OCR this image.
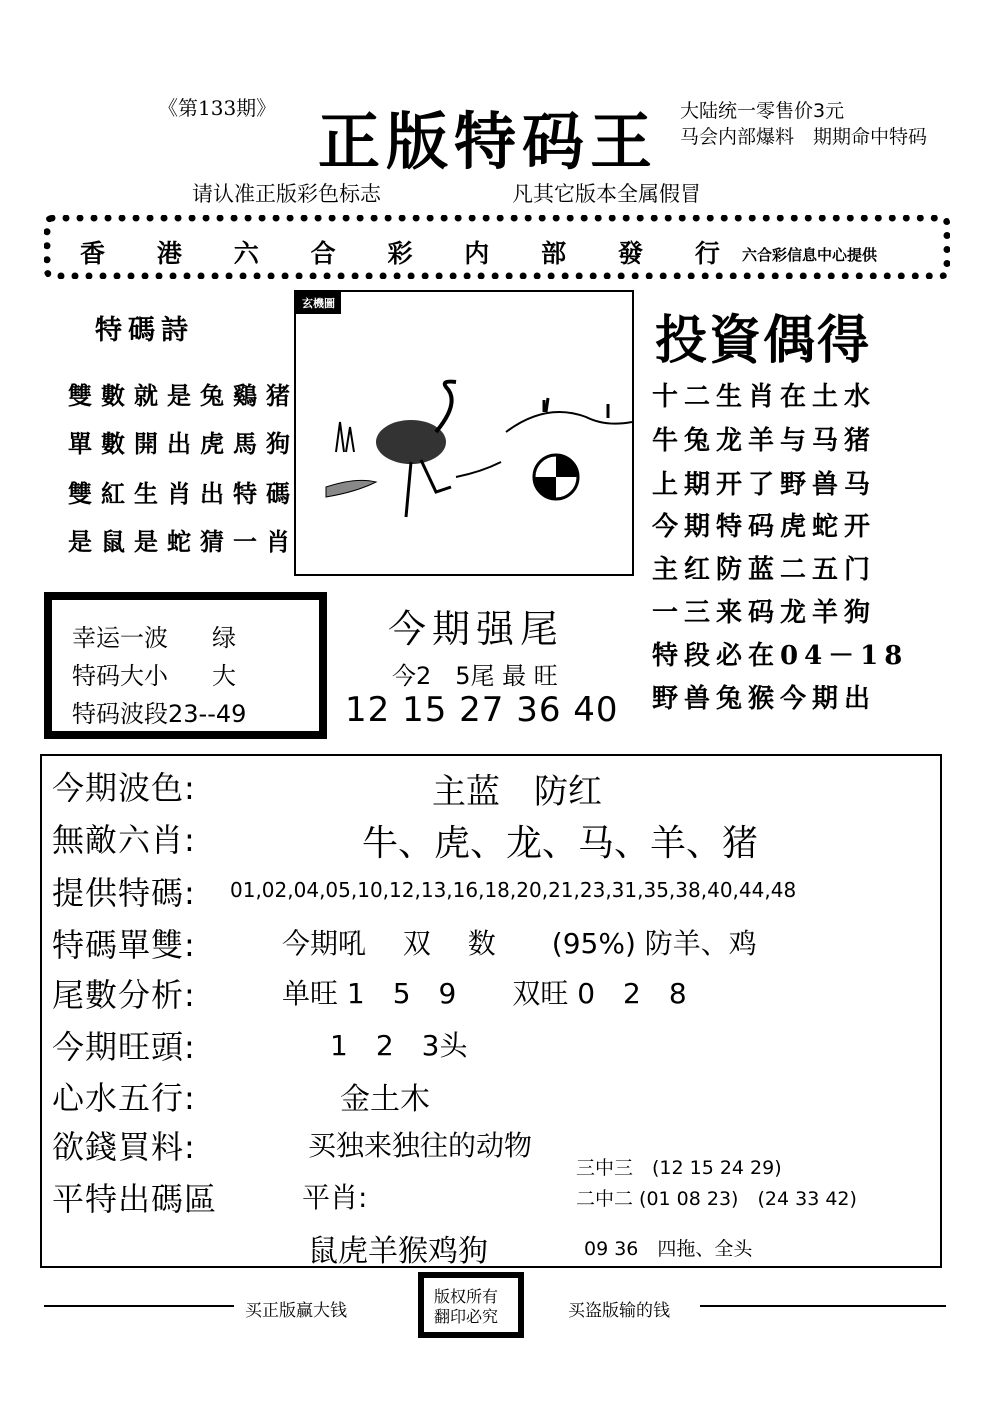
《第133期》 正版特码王 大陆统一零售价3元
马会内部爆料　期期命中特码
请认准正版彩色标志	凡其它版本全属假冒
香 港 六 合 彩 内 部 發 行 六合彩信息中心提供
特碼詩
雙數就是兔鷄猪
單數開出虎馬狗
雙紅生肖出特碼
是鼠是蛇猜一肖
玄機圖
投資偶得
十二生肖在土水
牛兔龙羊与马猪
上期开了野兽马
今期特码虎蛇开
主红防蓝二五门
一三来码龙羊狗
特段必在04－18
野兽兔猴今期出
幸运一波 绿
特码大小 大
特码波段23--49
今期强尾
今2　5尾 最 旺
12 15 27 36 40
今期波色:	主蓝　防红
無敵六肖:	牛、虎、龙、马、羊、猪
提供特碼: 01,02,04,05,10,12,13,16,18,20,21,23,31,35,38,40,44,48
特碼單雙:	今期吼　 双　 数　　(95%) 防羊、鸡
尾數分析:	单旺 1　5　9　　双旺 0　2　8
今期旺頭:	1　2　3头
心水五行:	金土木
欲錢買料:	买独来独往的动物
平特出碼區	平肖:
三中三　(12 15 24 29)
二中二 (01 08 23)　(24 33 42)
鼠虎羊猴鸡狗	09 36　四拖、全头
买正版赢大钱
版权所有
翻印必究	买盗版输的钱
